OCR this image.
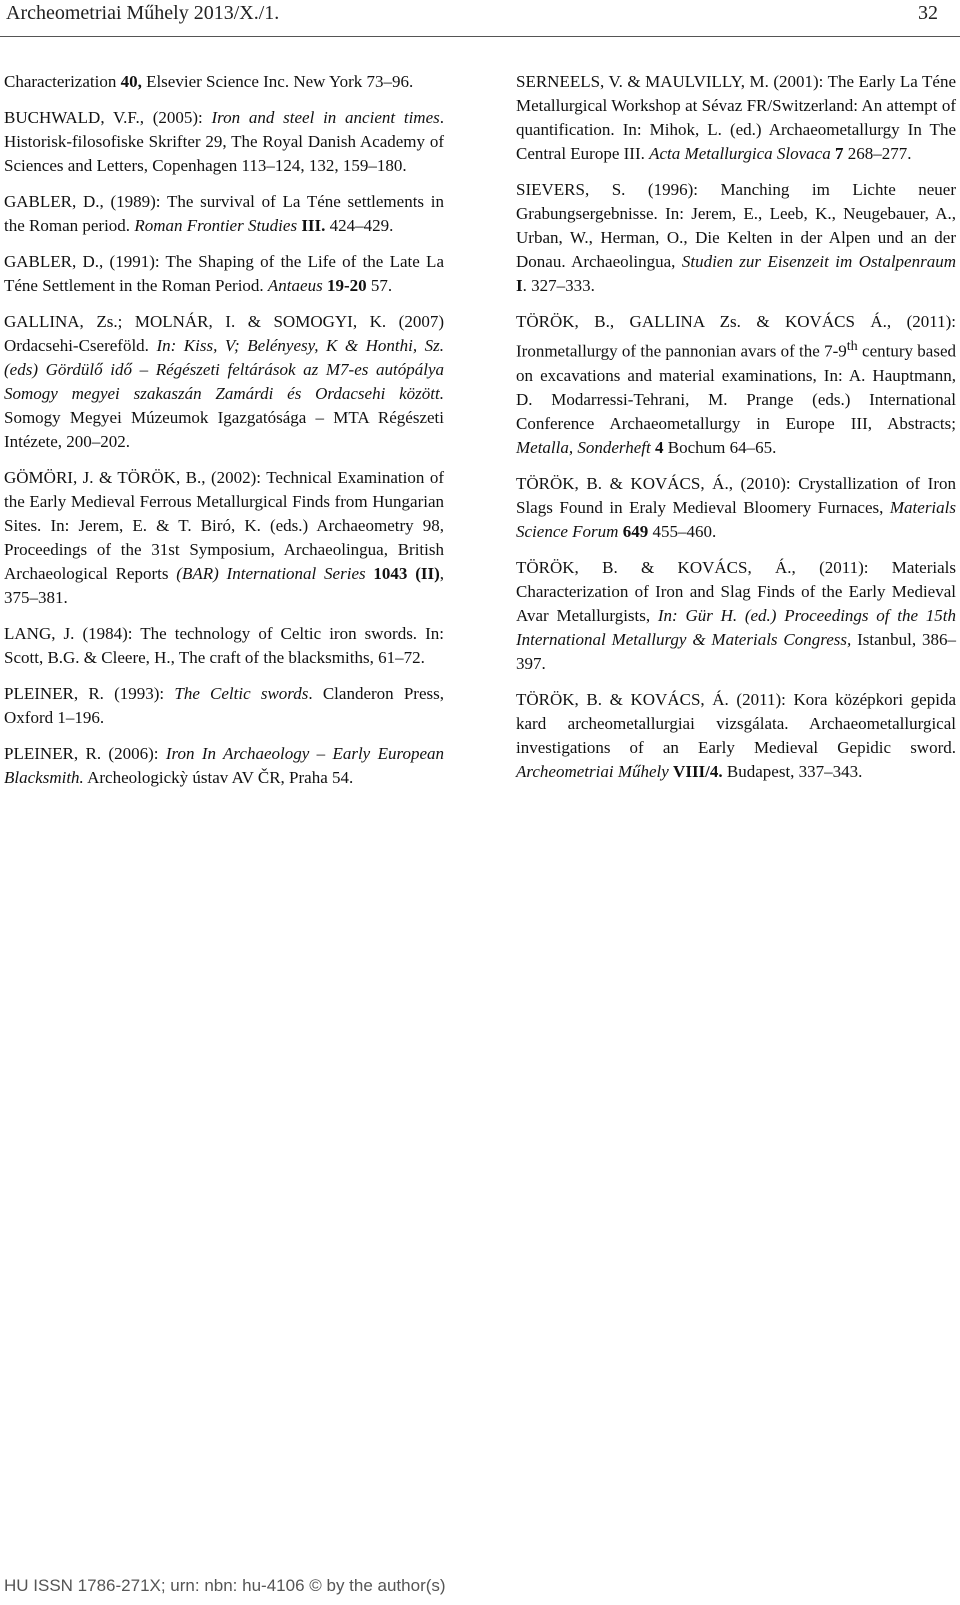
Archeometriai Műhely 2013/X./1.	32

Characterization 40, Elsevier Science Inc. New York 73–96.

BUCHWALD, V.F., (2005): Iron and steel in ancient times. Historisk-filosofiske Skrifter 29, The Royal Danish Academy of Sciences and Letters, Copenhagen 113–124, 132, 159–180.

GABLER, D., (1989): The survival of La Téne settlements in the Roman period. Roman Frontier Studies III. 424–429.

GABLER, D., (1991): The Shaping of the Life of the Late La Téne Settlement in the Roman Period. Antaeus 19-20 57.

GALLINA, Zs.; MOLNÁR, I. & SOMOGYI, K. (2007) Ordacsehi-Csereföld. In: Kiss, V; Belényesy, K & Honthi, Sz. (eds) Gördülő idő – Régészeti feltárások az M7-es autópálya Somogy megyei szakaszán Zamárdi és Ordacsehi között. Somogy Megyei Múzeumok Igazgatósága – MTA Régészeti Intézete, 200–202.

GÖMÖRI, J. & TÖRÖK, B., (2002): Technical Examination of the Early Medieval Ferrous Metallurgical Finds from Hungarian Sites. In: Jerem, E. & T. Biró, K. (eds.) Archaeometry 98, Proceedings of the 31st Symposium, Archaeolingua, British Archaeological Reports (BAR) International Series 1043 (II), 375–381.

LANG, J. (1984): The technology of Celtic iron swords. In: Scott, B.G. & Cleere, H., The craft of the blacksmiths, 61–72.

PLEINER, R. (1993): The Celtic swords. Clanderon Press, Oxford 1–196.

PLEINER, R. (2006): Iron In Archaeology – Early European Blacksmith. Archeologickỳ ústav AV ČR, Praha 54.

SERNEELS, V. & MAULVILLY, M. (2001): The Early La Téne Metallurgical Workshop at Sévaz FR/Switzerland: An attempt of quantification. In: Mihok, L. (ed.) Archaeometallurgy In The Central Europe III. Acta Metallurgica Slovaca 7 268–277.

SIEVERS, S. (1996): Manching im Lichte neuer Grabungsergebnisse. In: Jerem, E., Leeb, K., Neugebauer, A., Urban, W., Herman, O., Die Kelten in der Alpen und an der Donau. Archaeolingua, Studien zur Eisenzeit im Ostalpenraum I. 327–333.

TÖRÖK, B., GALLINA Zs. & KOVÁCS Á., (2011): Ironmetallurgy of the pannonian avars of the 7-9th century based on excavations and material examinations, In: A. Hauptmann, D. Modarressi-Tehrani, M. Prange (eds.) International Conference Archaeometallurgy in Europe III, Abstracts; Metalla, Sonderheft 4 Bochum 64–65.

TÖRÖK, B. & KOVÁCS, Á., (2010): Crystallization of Iron Slags Found in Eraly Medieval Bloomery Furnaces, Materials Science Forum 649 455–460.

TÖRÖK, B. & KOVÁCS, Á., (2011): Materials Characterization of Iron and Slag Finds of the Early Medieval Avar Metallurgists, In: Gür H. (ed.) Proceedings of the 15th International Metallurgy & Materials Congress, Istanbul, 386–397.

TÖRÖK, B. & KOVÁCS, Á. (2011): Kora középkori gepida kard archeometallurgiai vizsgálata. Archaeometallurgical investigations of an Early Medieval Gepidic sword. Archeometriai Műhely VIII/4. Budapest, 337–343.

HU ISSN 1786-271X; urn: nbn: hu-4106 © by the author(s)
